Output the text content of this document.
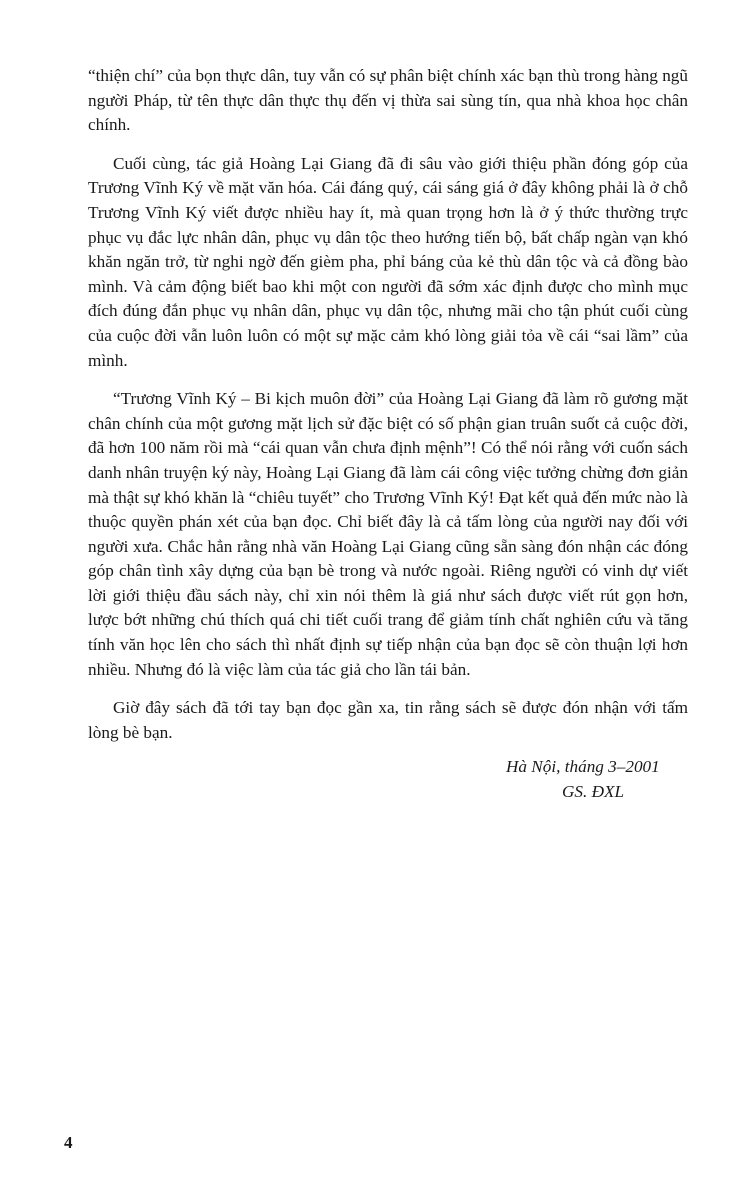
“thiện chí” của bọn thực dân, tuy vẫn có sự phân biệt chính xác bạn thù trong hàng ngũ người Pháp, từ tên thực dân thực thụ đến vị thừa sai sùng tín, qua nhà khoa học chân chính.

Cuối cùng, tác giả Hoàng Lại Giang đã đi sâu vào giới thiệu phần đóng góp của Trương Vĩnh Ký về mặt văn hóa. Cái đáng quý, cái sáng giá ở đây không phải là ở chỗ Trương Vĩnh Ký viết được nhiều hay ít, mà quan trọng hơn là ở ý thức thường trực phục vụ đắc lực nhân dân, phục vụ dân tộc theo hướng tiến bộ, bất chấp ngàn vạn khó khăn ngăn trở, từ nghi ngờ đến gièm pha, phỉ báng của kẻ thù dân tộc và cả đồng bào mình. Và cảm động biết bao khi một con người đã sớm xác định được cho mình mục đích đúng đắn phục vụ nhân dân, phục vụ dân tộc, nhưng mãi cho tận phút cuối cùng của cuộc đời vẫn luôn luôn có một sự mặc cảm khó lòng giải tỏa về cái “sai lầm” của mình.

“Trương Vĩnh Ký – Bi kịch muôn đời” của Hoàng Lại Giang đã làm rõ gương mặt chân chính của một gương mặt lịch sử đặc biệt có số phận gian truân suốt cả cuộc đời, đã hơn 100 năm rồi mà “cái quan vẫn chưa định mệnh”! Có thể nói rằng với cuốn sách danh nhân truyện ký này, Hoàng Lại Giang đã làm cái công việc tưởng chừng đơn giản mà thật sự khó khăn là “chiêu tuyết” cho Trương Vĩnh Ký! Đạt kết quả đến mức nào là thuộc quyền phán xét của bạn đọc. Chỉ biết đây là cả tấm lòng của người nay đối với người xưa. Chắc hẳn rằng nhà văn Hoàng Lại Giang cũng sẵn sàng đón nhận các đóng góp chân tình xây dựng của bạn bè trong và nước ngoài. Riêng người có vinh dự viết lời giới thiệu đầu sách này, chỉ xin nói thêm là giá như sách được viết rút gọn hơn, lược bớt những chú thích quá chi tiết cuối trang để giảm tính chất nghiên cứu và tăng tính văn học lên cho sách thì nhất định sự tiếp nhận của bạn đọc sẽ còn thuận lợi hơn nhiều. Nhưng đó là việc làm của tác giả cho lần tái bản.

Giờ đây sách đã tới tay bạn đọc gần xa, tin rằng sách sẽ được đón nhận với tấm lòng bè bạn.

Hà Nội, tháng 3–2001
GS. ĐXL
4
